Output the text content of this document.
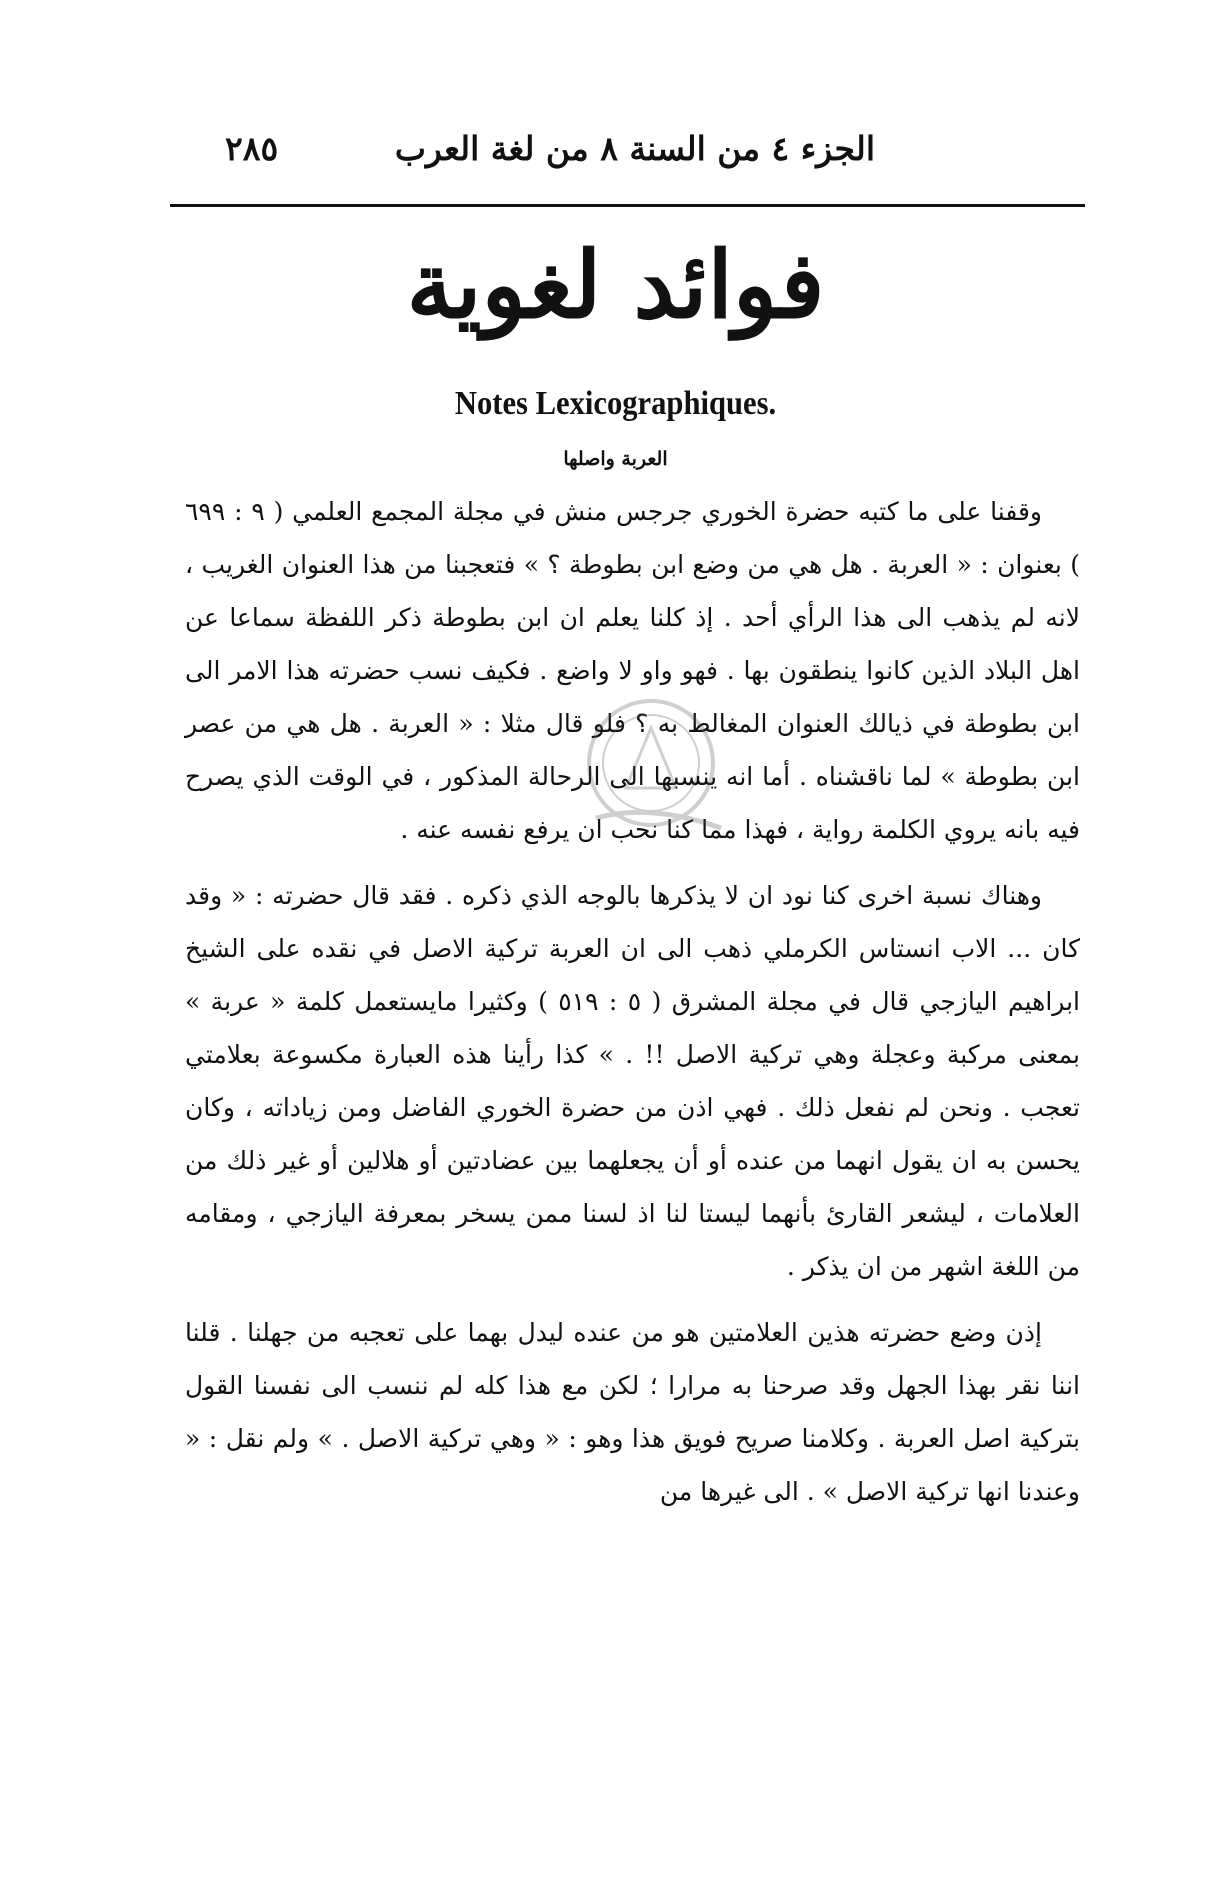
الجزء ٤ من السنة ٨ من لغة العرب
٢٨٥
فوائد لغوية
Notes Lexicographiques.
العربة واصلها

وقفنا على ما كتبه حضرة الخوري جرجس منش في مجلة المجمع العلمي ( ٩ : ٦٩٩ ) بعنوان : « العربة . هل هي من وضع ابن بطوطة ؟ » فتعجبنا من هذا العنوان الغريب ، لانه لم يذهب الى هذا الرأي أحد . إذ كلنا يعلم ان ابن بطوطة ذكر اللفظة سماعا عن اهل البلاد الذين كانوا ينطقون بها . فهو واو لا واضع . فكيف نسب حضرته هذا الامر الى ابن بطوطة في ذيالك العنوان المغالط به ؟ فلو قال مثلا : « العربة . هل هي من عصر ابن بطوطة » لما ناقشناه . أما انه ينسبها الى الرحالة المذكور ، في الوقت الذي يصرح فيه بانه يروي الكلمة رواية ، فهذا مما كنا نحب ان يرفع نفسه عنه .

وهناك نسبة اخرى كنا نود ان لا يذكرها بالوجه الذي ذكره . فقد قال حضرته : « وقد كان ... الاب انستاس الكرملي ذهب الى ان العربة تركية الاصل في نقده على الشيخ ابراهيم اليازجي قال في مجلة المشرق ( ٥ : ٥١٩ ) وكثيرا مايستعمل كلمة « عربة » بمعنى مركبة وعجلة وهي تركية الاصل !! . » كذا رأينا هذه العبارة مكسوعة بعلامتي تعجب . ونحن لم نفعل ذلك . فهي اذن من حضرة الخوري الفاضل ومن زياداته ، وكان يحسن به ان يقول انهما من عنده أو أن يجعلهما بين عضادتين أو هلالين أو غير ذلك من العلامات ، ليشعر القارئ بأنهما ليستا لنا اذ لسنا ممن يسخر بمعرفة اليازجي ، ومقامه من اللغة اشهر من ان يذكر .

إذن وضع حضرته هذين العلامتين هو من عنده ليدل بهما على تعجبه من جهلنا . قلنا اننا نقر بهذا الجهل وقد صرحنا به مرارا ؛ لكن مع هذا كله لم ننسب الى نفسنا القول بتركية اصل العربة . وكلامنا صريح فويق هذا وهو : « وهي تركية الاصل . » ولم نقل : « وعندنا انها تركية الاصل » . الى غيرها من
